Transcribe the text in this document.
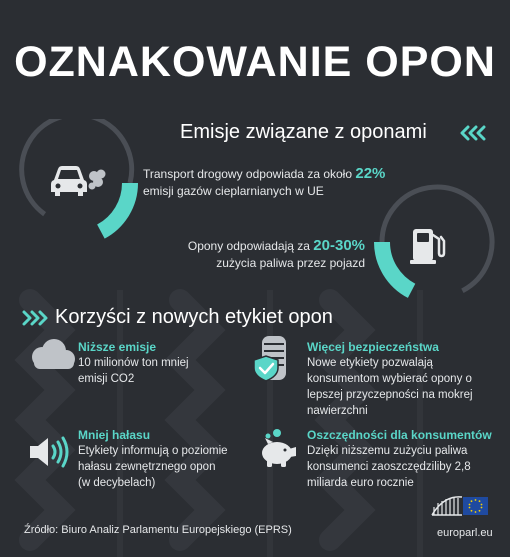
OZNAKOWANIE OPON
Emisje związane z oponami
Transport drogowy odpowiada za około 22%
emisji gazów cieplarnianych w UE
Opony odpowiadają za 20-30%
zużycia paliwa przez pojazd
Korzyści z nowych etykiet opon
Niższe emisje
10 milionów ton mniej
emisji CO2
Więcej bezpieczeństwa
Nowe etykiety pozwalają
konsumentom wybierać opony o
lepszej przyczepności na mokrej
nawierzchni
Mniej hałasu
Etykiety informują o poziomie
hałasu zewnętrznego opon
(w decybelach)
Oszczędności dla konsumentów
Dzięki niższemu zużyciu paliwa
konsumenci zaoszczędziliby 2,8
miliarda euro rocznie
Źródło: Biuro Analiz Parlamentu Europejskiego (EPRS)	europarl.eu
